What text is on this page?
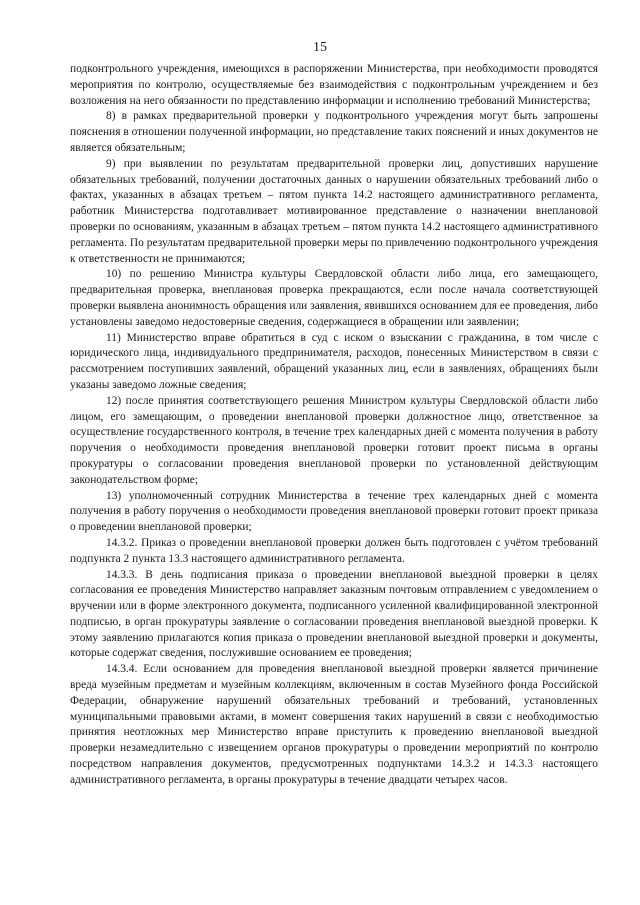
15

подконтрольного учреждения, имеющихся в распоряжении Министерства, при необходимости проводятся мероприятия по контролю, осуществляемые без взаимодействия с подконтрольным учреждением и без возложения на него обязанности по представлению информации и исполнению требований Министерства;

8) в рамках предварительной проверки у подконтрольного учреждения могут быть запрошены пояснения в отношении полученной информации, но представление таких пояснений и иных документов не является обязательным;

9) при выявлении по результатам предварительной проверки лиц, допустивших нарушение обязательных требований, получении достаточных данных о нарушении обязательных требований либо о фактах, указанных в абзацах третьем – пятом пункта 14.2 настоящего административного регламента, работник Министерства подготавливает мотивированное представление о назначении внеплановой проверки по основаниям, указанным в абзацах третьем – пятом пункта 14.2 настоящего административного регламента. По результатам предварительной проверки меры по привлечению подконтрольного учреждения к ответственности не принимаются;

10) по решению Министра культуры Свердловской области либо лица, его замещающего, предварительная проверка, внеплановая проверка прекращаются, если после начала соответствующей проверки выявлена анонимность обращения или заявления, явившихся основанием для ее проведения, либо установлены заведомо недостоверные сведения, содержащиеся в обращении или заявлении;

11) Министерство вправе обратиться в суд с иском о взыскании с гражданина, в том числе с юридического лица, индивидуального предпринимателя, расходов, понесенных Министерством в связи с рассмотрением поступивших заявлений, обращений указанных лиц, если в заявлениях, обращениях были указаны заведомо ложные сведения;

12) после принятия соответствующего решения Министром культуры Свердловской области либо лицом, его замещающим, о проведении внеплановой проверки должностное лицо, ответственное за осуществление государственного контроля, в течение трех календарных дней с момента получения в работу поручения о необходимости проведения внеплановой проверки готовит проект письма в органы прокуратуры о согласовании проведения внеплановой проверки по установленной действующим законодательством форме;

13) уполномоченный сотрудник Министерства в течение трех календарных дней с момента получения в работу поручения о необходимости проведения внеплановой проверки готовит проект приказа о проведении внеплановой проверки;

14.3.2. Приказ о проведении внеплановой проверки должен быть подготовлен с учётом требований подпункта 2 пункта 13.3 настоящего административного регламента.

14.3.3. В день подписания приказа о проведении внеплановой выездной проверки в целях согласования ее проведения Министерство направляет заказным почтовым отправлением с уведомлением о вручении или в форме электронного документа, подписанного усиленной квалифицированной электронной подписью, в орган прокуратуры заявление о согласовании проведения внеплановой выездной проверки. К этому заявлению прилагаются копия приказа о проведении внеплановой выездной проверки и документы, которые содержат сведения, послужившие основанием ее проведения;

14.3.4. Если основанием для проведения внеплановой выездной проверки является причинение вреда музейным предметам и музейным коллекциям, включенным в состав Музейного фонда Российской Федерации, обнаружение нарушений обязательных требований и требований, установленных муниципальными правовыми актами, в момент совершения таких нарушений в связи с необходимостью принятия неотложных мер Министерство вправе приступить к проведению внеплановой выездной проверки незамедлительно с извещением органов прокуратуры о проведении мероприятий по контролю посредством направления документов, предусмотренных подпунктами 14.3.2 и 14.3.3 настоящего административного регламента, в органы прокуратуры в течение двадцати четырех часов.
